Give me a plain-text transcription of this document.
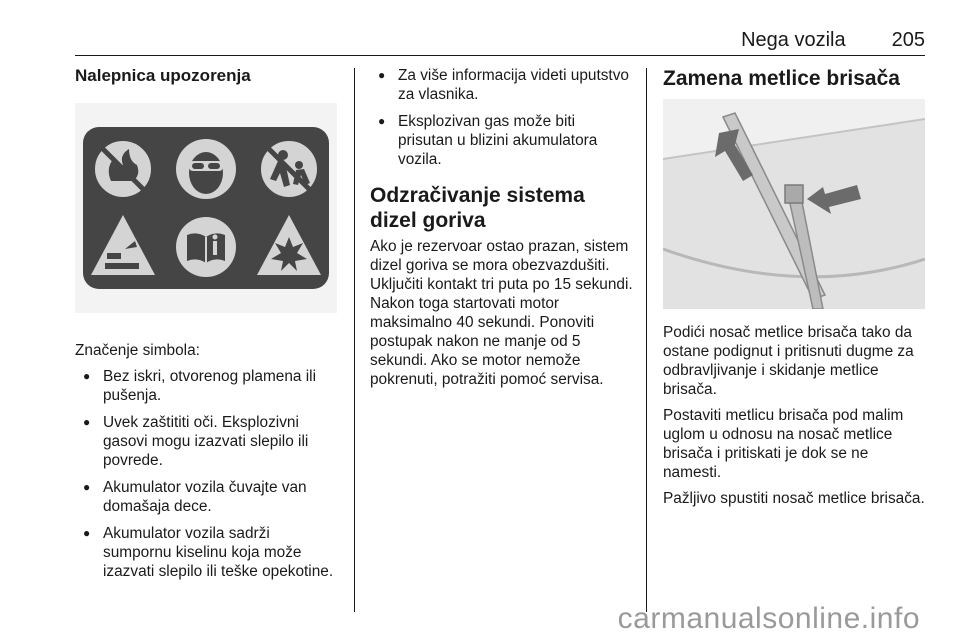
Nega vozila 205
Nalepnica upozorenja

Značenje simbola:

● Bez iskri, otvorenog plamena ili pušenja.
● Uvek zaštititi oči. Eksplozivni gasovi mogu izazvati slepilo ili povrede.
● Akumulator vozila čuvajte van domašaja dece.
● Akumulator vozila sadrži sumpornu kiselinu koja može izazvati slepilo ili teške opekotine.
● Za više informacija videti uputstvo za vlasnika.
● Eksplozivan gas može biti prisutan u blizini akumulatora vozila.
Odzračivanje sistema dizel goriva

Ako je rezervoar ostao prazan, sistem dizel goriva se mora obezvazdušiti. Uključiti kontakt tri puta po 15 sekundi. Nakon toga startovati motor maksimalno 40 sekundi. Ponoviti postupak nakon ne manje od 5 sekundi. Ako se motor nemože pokrenuti, potražiti pomoć servisa.

Zamena metlice brisača

Podići nosač metlice brisača tako da ostane podignut i pritisnuti dugme za odbravljivanje i skidanje metlice brisača.

Postaviti metlicu brisača pod malim uglom u odnosu na nosač metlice brisača i pritiskati je dok se ne namesti.

Pažljivo spustiti nosač metlice brisača.

carmanualsonline.info
